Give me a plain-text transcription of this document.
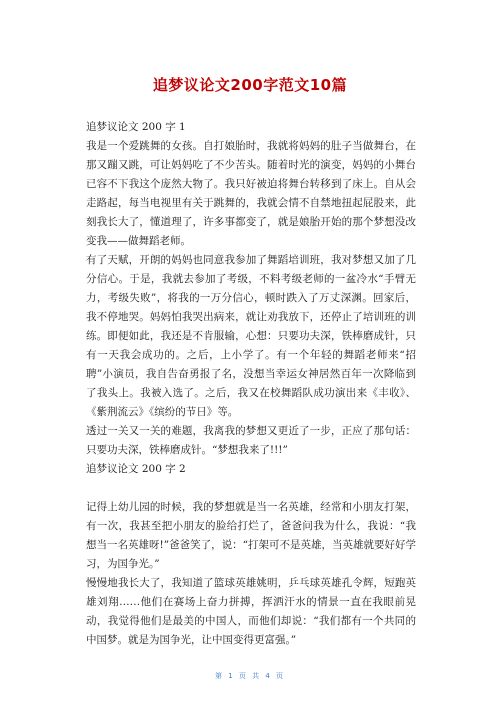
追梦议论文200字范文10篇

追梦议论文 200 字 1

我是一个爱跳舞的女孩。自打娘胎时，我就将妈妈的肚子当做舞台，在那又蹦又跳，可让妈妈吃了不少苦头。随着时光的演变，妈妈的小舞台已容不下我这个庞然大物了。我只好被迫将舞台转移到了床上。自从会走路起，每当电视里有关于跳舞的，我就会情不自禁地扭起屁股来，此刻我长大了，懂道理了，许多事都变了，就是娘胎开始的那个梦想没改变我——做舞蹈老师。

有了天赋，开朗的妈妈也同意我参加了舞蹈培训班，我对梦想又加了几分信心。于是，我就去参加了考级，不料考级老师的一盆冷水“手臂无力，考级失败”，将我的一万分信心，顿时跌入了万丈深渊。回家后，我不停地哭。妈妈怕我哭出病来，就让劝我放下，还停止了培训班的训练。即便如此，我还是不肯服输，心想：只要功夫深，铁棒磨成针，只有一天我会成功的。之后，上小学了。有一个年轻的舞蹈老师来“招聘”小演员，我自告奋勇报了名，没想当幸运女神居然百年一次降临到了我头上。我被入选了。之后，我又在校舞蹈队成功演出来《丰收》、《紫荆流云》《缤纷的节日》等。

透过一关又一关的难题，我离我的梦想又更近了一步，正应了那句话：只要功夫深，铁棒磨成针。“梦想我来了!!!”

追梦议论文 200 字 2

记得上幼儿园的时候，我的梦想就是当一名英雄，经常和小朋友打架，有一次，我甚至把小朋友的脸给打烂了，爸爸问我为什么，我说：“我想当一名英雄呀!”爸爸笑了，说：“打架可不是英雄，当英雄就要好好学习，为国争光。”

慢慢地我长大了，我知道了篮球英雄姚明，乒乓球英雄孔令辉，短跑英雄刘翔……他们在赛场上奋力拼搏，挥洒汗水的情景一直在我眼前晃动，我觉得他们是最美的中国人，而他们却说：“我们都有一个共同的中国梦。就是为国争光，让中国变得更富强。”

第 1 页 共 4 页
